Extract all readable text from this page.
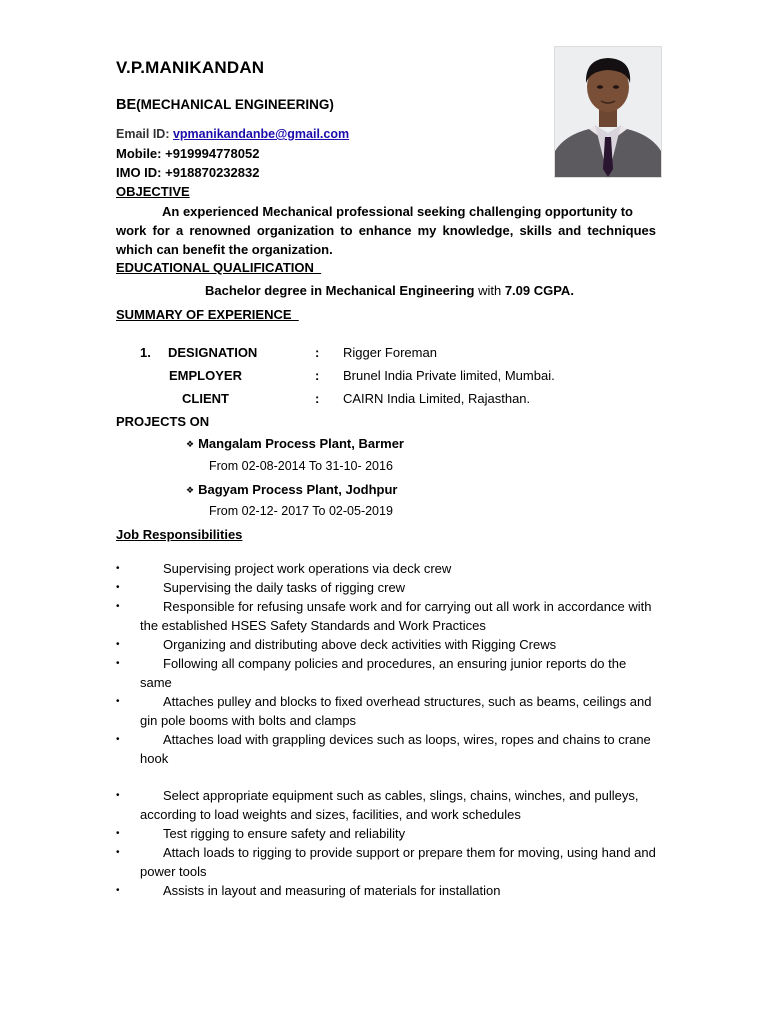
V.P.MANIKANDAN
BE(MECHANICAL ENGINEERING)
Email ID: vpmanikandanbe@gmail.com
Mobile: +919994778052
IMO ID: +918870232832
OBJECTIVE
An experienced Mechanical professional seeking challenging opportunity to
work for a renowned organization to enhance my knowledge, skills and techniques which can benefit the organization.
EDUCATIONAL QUALIFICATION
Bachelor degree in Mechanical Engineering with 7.09 CGPA.
SUMMARY OF EXPERIENCE
1. DESIGNATION	: Rigger Foreman
EMPLOYER	: Brunel India Private limited, Mumbai.
CLIENT	: CAIRN India Limited, Rajasthan.
PROJECTS ON
❖ Mangalam Process Plant, Barmer
From 02-08-2014 To 31-10- 2016
❖ Bagyam Process Plant, Jodhpur
From 02-12- 2017 To 02-05-2019
Job Responsibilities
•	Supervising project work operations via deck crew
•	Supervising the daily tasks of rigging crew
•	Responsible for refusing unsafe work and for carrying out all work in accordance with the established HSES Safety Standards and Work Practices
•	Organizing and distributing above deck activities with Rigging Crews
•	Following all company policies and procedures, an ensuring junior reports do the same
•	Attaches pulley and blocks to fixed overhead structures, such as beams, ceilings and gin pole booms with bolts and clamps
•	Attaches load with grappling devices such as loops, wires, ropes and chains to crane hook
•	Select appropriate equipment such as cables, slings, chains, winches, and pulleys, according to load weights and sizes, facilities, and work schedules
•	Test rigging to ensure safety and reliability
•	Attach loads to rigging to provide support or prepare them for moving, using hand and power tools
•	Assists in layout and measuring of materials for installation
